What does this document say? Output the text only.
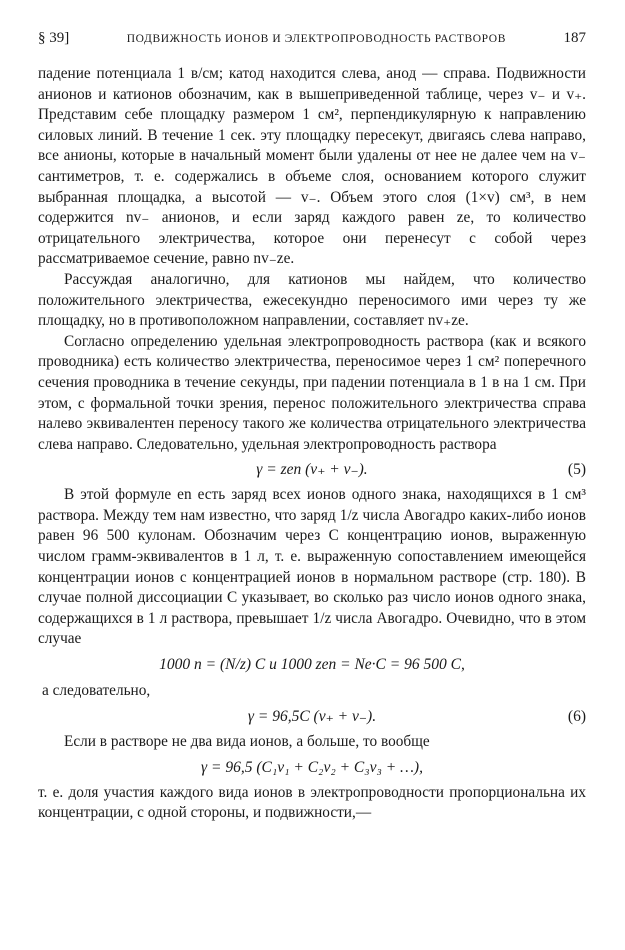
§ 39]	ПОДВИЖНОСТЬ ИОНОВ И ЭЛЕКТРОПРОВОДНОСТЬ РАСТВОРОВ	187

падение потенциала 1 в/см; катод находится слева, анод — справа. Подвижности анионов и катионов обозначим, как в вышеприведенной таблице, через v₋ и v₊. Представим себе площадку размером 1 см², перпендикулярную к направлению силовых линий. В течение 1 сек. эту площадку пересекут, двигаясь слева направо, все анионы, которые в начальный момент были удалены от нее не далее чем на v₋ сантиметров, т. е. содержались в объеме слоя, основанием которого служит выбранная площадка, а высотой — v₋. Объем этого слоя (1×v) см³, в нем содержится nv₋ анионов, и если заряд каждого равен ze, то количество отрицательного электричества, которое они перенесут с собой через рассматриваемое сечение, равно nv₋ze.

Рассуждая аналогично, для катионов мы найдем, что количество положительного электричества, ежесекундно переносимого ими через ту же площадку, но в противоположном направлении, составляет nv₊ze.

Согласно определению удельная электропроводность раствора (как и всякого проводника) есть количество электричества, переносимое через 1 см² поперечного сечения проводника в течение секунды, при падении потенциала в 1 в на 1 см. При этом, с формальной точки зрения, перенос положительного электричества справа налево эквивалентен переносу такого же количества отрицательного электричества слева направо. Следовательно, удельная электропроводность раствора

γ = zen (v₊ + v₋).	(5)

В этой формуле en есть заряд всех ионов одного знака, находящихся в 1 см³ раствора. Между тем нам известно, что заряд 1/z числа Авогадро каких-либо ионов равен 96 500 кулонам. Обозначим через C концентрацию ионов, выраженную числом грамм-эквивалентов в 1 л, т. е. выраженную сопоставлением имеющейся концентрации ионов с концентрацией ионов в нормальном растворе (стр. 180). В случае полной диссоциации C указывает, во сколько раз число ионов одного знака, содержащихся в 1 л раствора, превышает 1/z числа Авогадро. Очевидно, что в этом случае

1000 n = (N/z) C и 1000 zen = Ne·C = 96 500 C,
а следовательно,
γ = 96,5C (v₊ + v₋).	(6)

Если в растворе не два вида ионов, а больше, то вообще

γ = 96,5 (C₁v₁ + C₂v₂ + C₃v₃ + …),

т. е. доля участия каждого вида ионов в электропроводности пропорциональна их концентрации, с одной стороны, и подвижности,—
